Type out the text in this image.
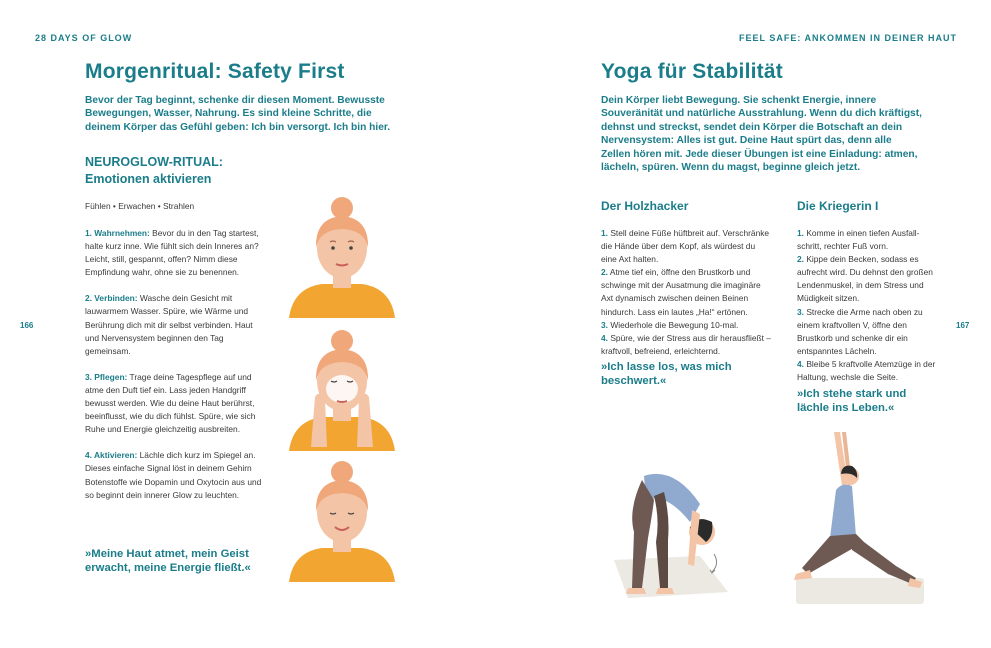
28 DAYS OF GLOW	FEEL SAFE: ANKOMMEN IN DEINER HAUT
166	167
Morgenritual: Safety First
Bevor der Tag beginnt, schenke dir diesen Moment. Bewusste Bewegungen, Wasser, Nahrung. Es sind kleine Schritte, die deinem Körper das Gefühl geben: Ich bin versorgt. Ich bin hier.
NEUROGLOW-RITUAL:
Emotionen aktivieren
Fühlen • Erwachen • Strahlen
1. Wahrnehmen: Bevor du in den Tag startest, halte kurz inne. Wie fühlt sich dein Inneres an? Leicht, still, gespannt, offen? Nimm diese Empfindung wahr, ohne sie zu benennen.
2. Verbinden: Wasche dein Gesicht mit lauwarmem Wasser. Spüre, wie Wärme und Berührung dich mit dir selbst verbinden. Haut und Nervensystem beginnen den Tag gemeinsam.
3. Pflegen: Trage deine Tagespflege auf und atme den Duft tief ein. Lass jeden Handgriff bewusst werden. Wie du deine Haut berührst, beeinflusst, wie du dich fühlst. Spüre, wie sich Ruhe und Energie gleichzeitig ausbreiten.
4. Aktivieren: Lächle dich kurz im Spiegel an. Dieses einfache Signal löst in deinem Gehirn Botenstoffe wie Dopamin und Oxytocin aus und so beginnt dein innerer Glow zu leuchten.
»Meine Haut atmet, mein Geist erwacht, meine Energie fließt.«
Yoga für Stabilität
Dein Körper liebt Bewegung. Sie schenkt Energie, innere Souveränität und natürliche Ausstrahlung. Wenn du dich kräftigst, dehnst und streckst, sendet dein Körper die Botschaft an dein Nervensystem: Alles ist gut. Deine Haut spürt das, denn alle Zellen hören mit. Jede dieser Übungen ist eine Einladung: atmen, lächeln, spüren. Wenn du magst, beginne gleich jetzt.
Der Holzhacker
1. Stell deine Füße hüftbreit auf. Verschränke die Hände über dem Kopf, als würdest du eine Axt halten.
2. Atme tief ein, öffne den Brustkorb und schwinge mit der Ausatmung die imaginäre Axt dynamisch zwischen deinen Beinen hindurch. Lass ein lautes „Ha!“ ertönen.
3. Wiederhole die Bewegung 10-mal.
4. Spüre, wie der Stress aus dir herausfließt – kraftvoll, befreiend, erleichternd.
»Ich lasse los, was mich beschwert.«
Die Kriegerin I
1. Komme in einen tiefen Ausfallschritt, rechter Fuß vorn.
2. Kippe dein Becken, sodass es aufrecht wird. Du dehnst den großen Lendenmuskel, in dem Stress und Müdigkeit sitzen.
3. Strecke die Arme nach oben zu einem kraftvollen V, öffne den Brustkorb und schenke dir ein entspanntes Lächeln.
4. Bleibe 5 kraftvolle Atemzüge in der Haltung, wechsle die Seite.
»Ich stehe stark und lächle ins Leben.«
